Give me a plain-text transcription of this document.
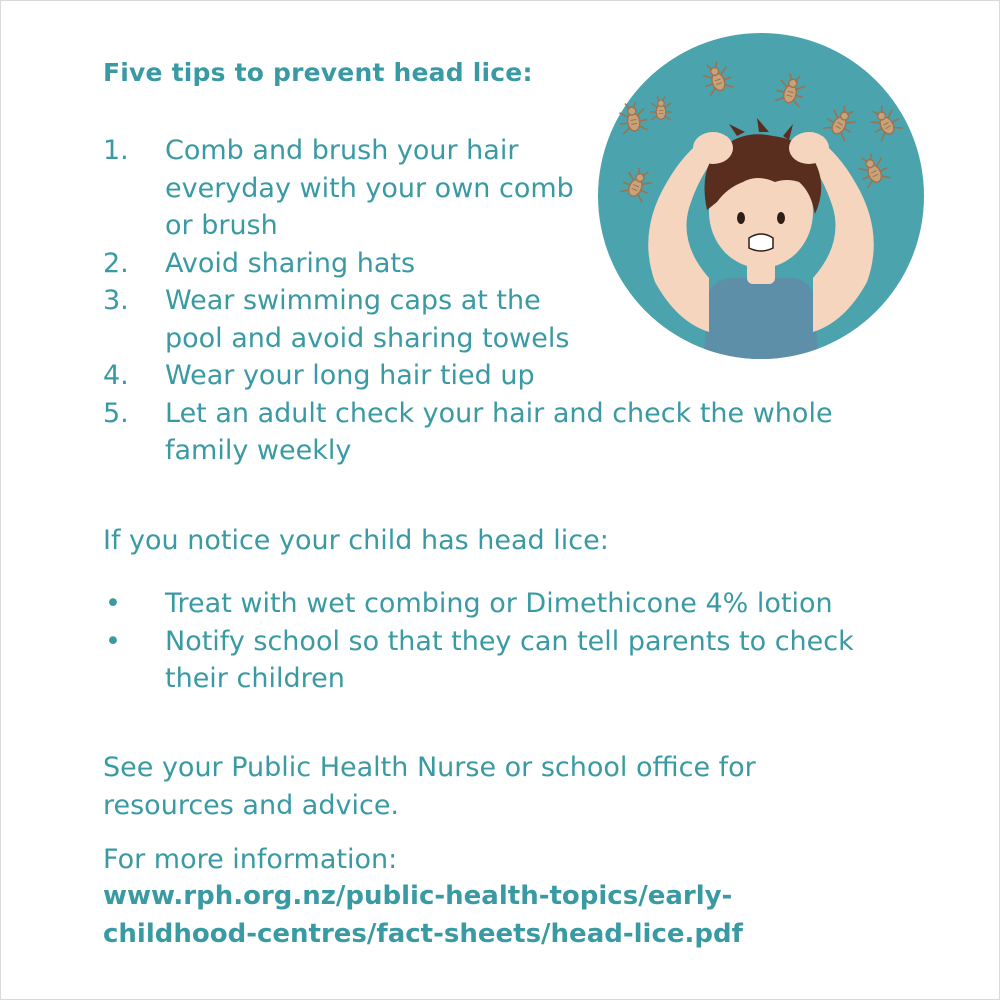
Five tips to prevent head lice:
1. Comb and brush your hair everyday with your own comb or brush
2. Avoid sharing hats
3. Wear swimming caps at the pool and avoid sharing towels
4. Wear your long hair tied up
5. Let an adult check your hair and check the whole family weekly
If you notice your child has head lice:
• Treat with wet combing or Dimethicone 4% lotion
• Notify school so that they can tell parents to check their children
See your Public Health Nurse or school office for resources and advice.
For more information:
www.rph.org.nz/public-health-topics/early-childhood-centres/fact-sheets/head-lice.pdf
